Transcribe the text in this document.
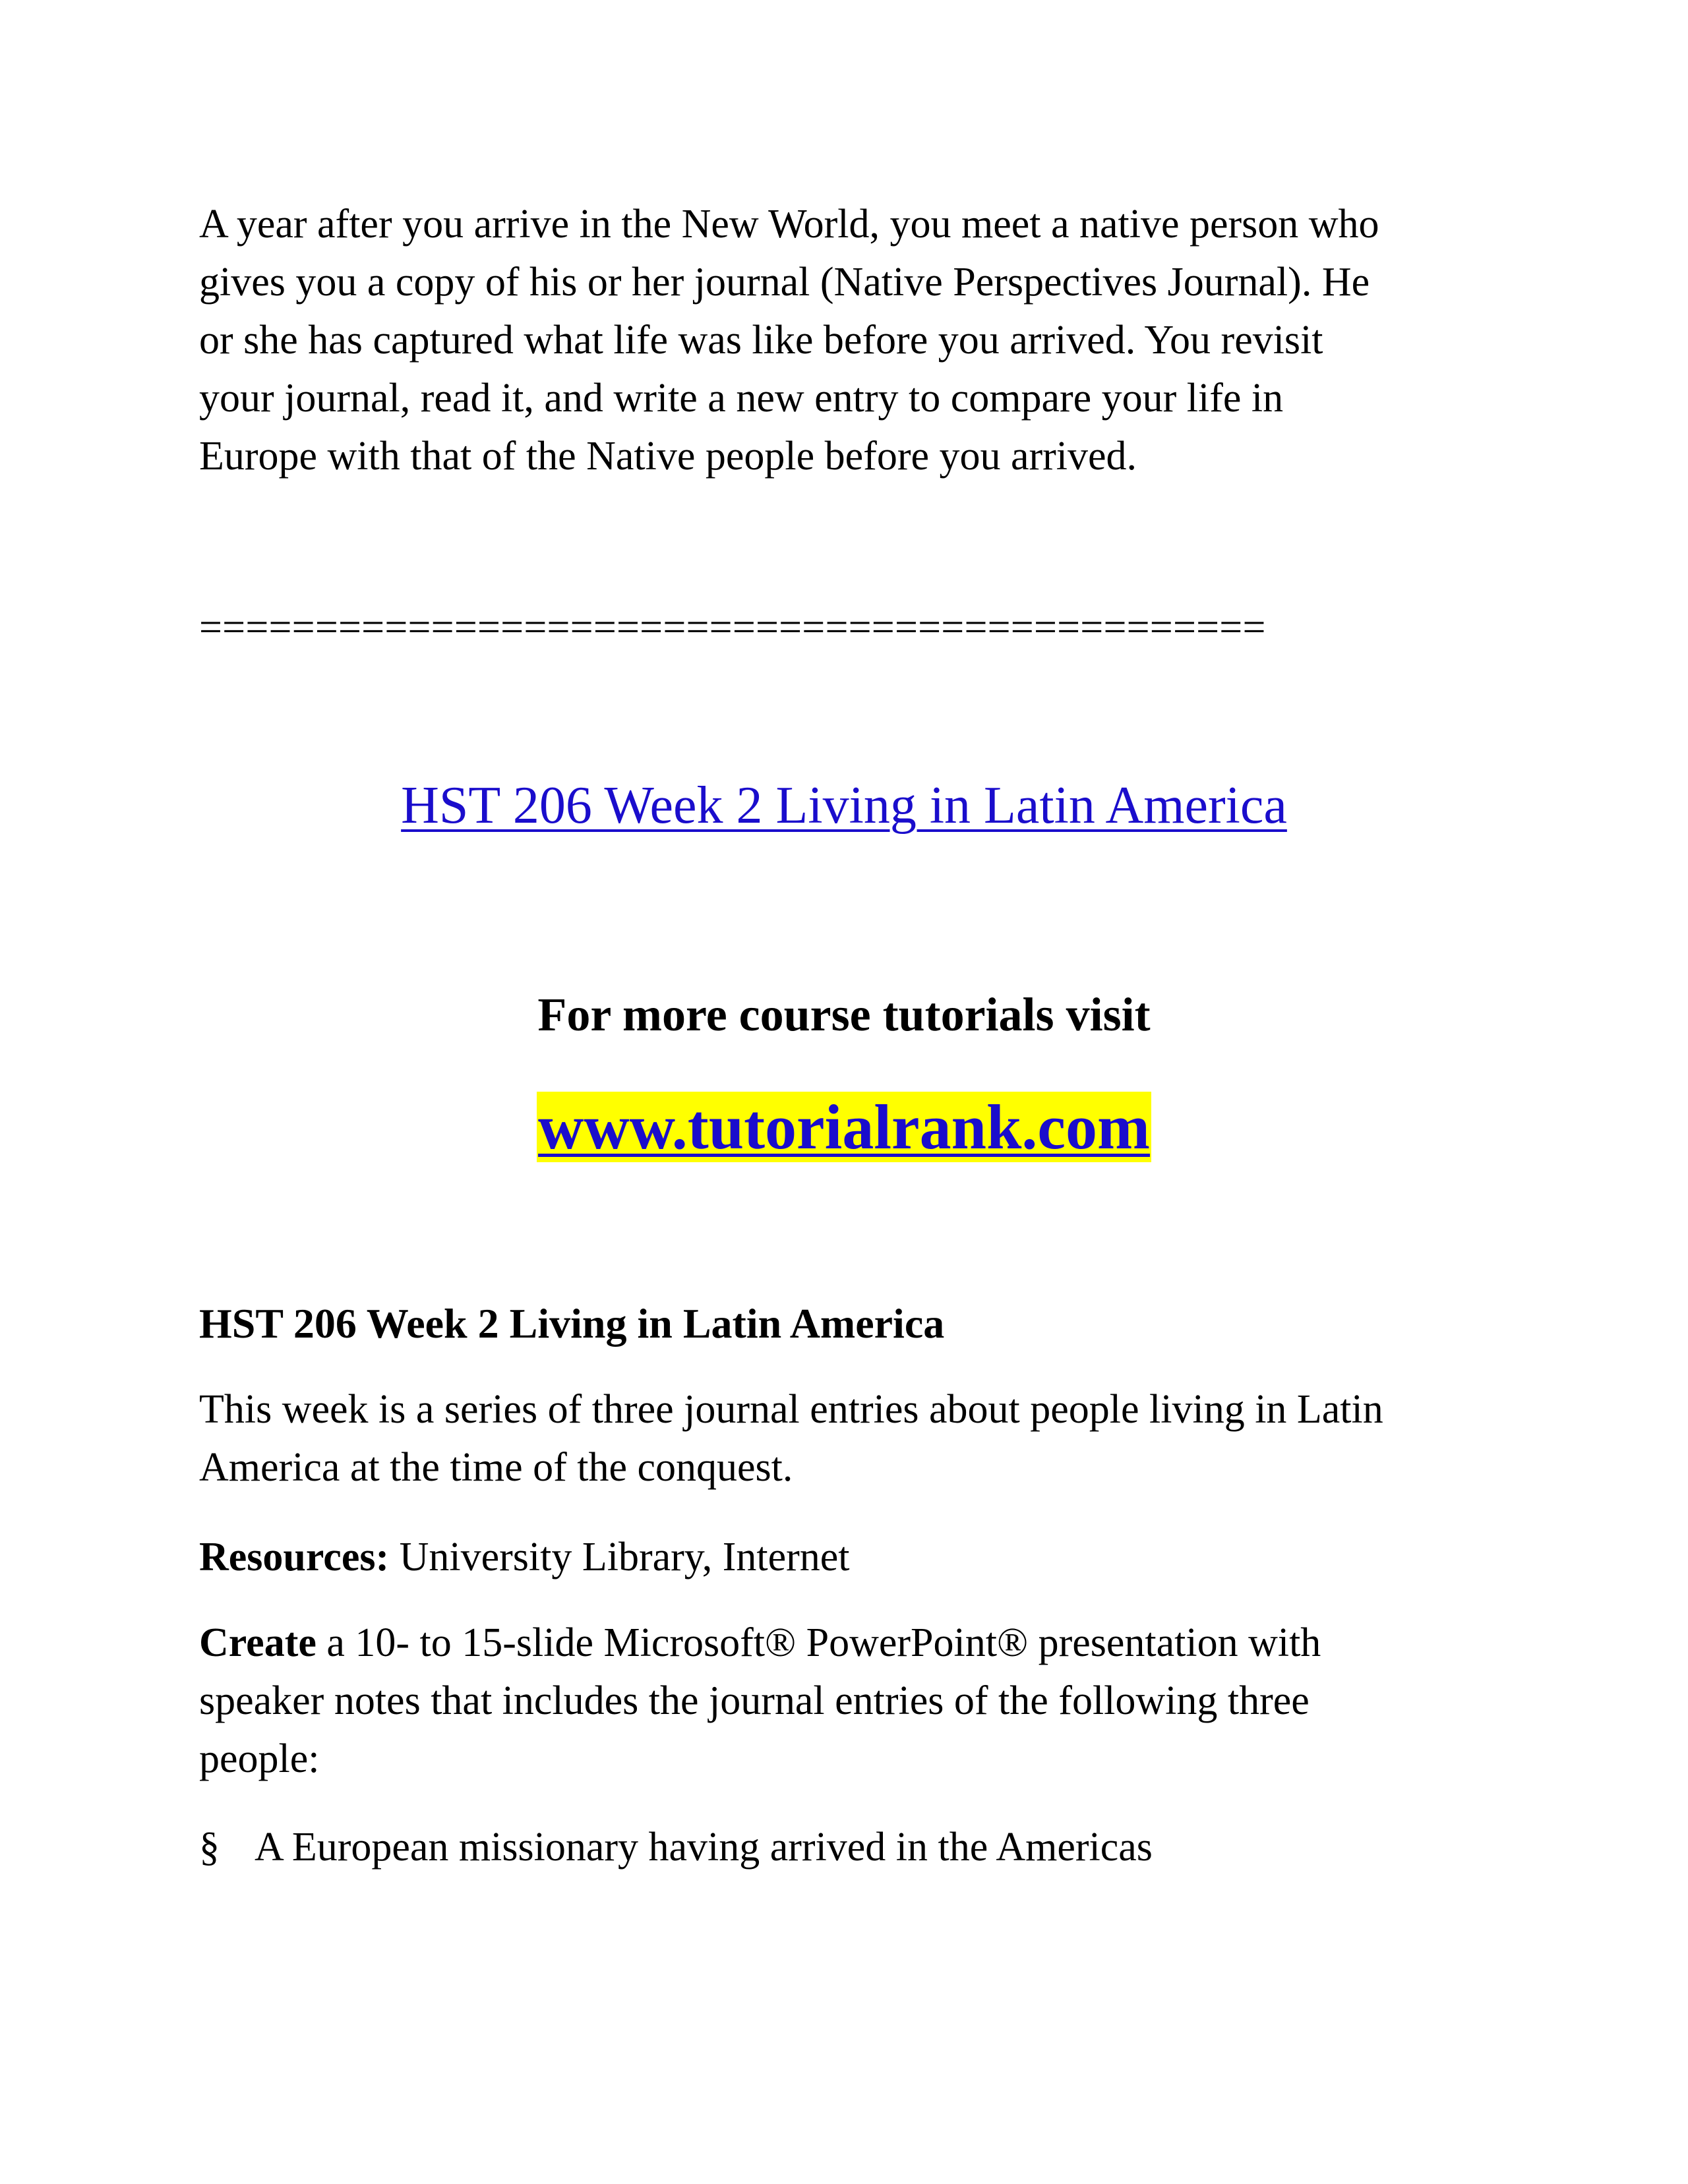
A year after you arrive in the New World, you meet a native person who
gives you a copy of his or her journal (Native Perspectives Journal). He
or she has captured what life was like before you arrived. You revisit
your journal, read it, and write a new entry to compare your life in
Europe with that of the Native people before you arrived.

==============================================

HST 206 Week 2 Living in Latin America

For more course tutorials visit

www.tutorialrank.com

HST 206 Week 2 Living in Latin America

This week is a series of three journal entries about people living in Latin
America at the time of the conquest.

Resources: University Library, Internet

Create a 10- to 15-slide Microsoft® PowerPoint® presentation with
speaker notes that includes the journal entries of the following three
people:

§ A European missionary having arrived in the Americas
